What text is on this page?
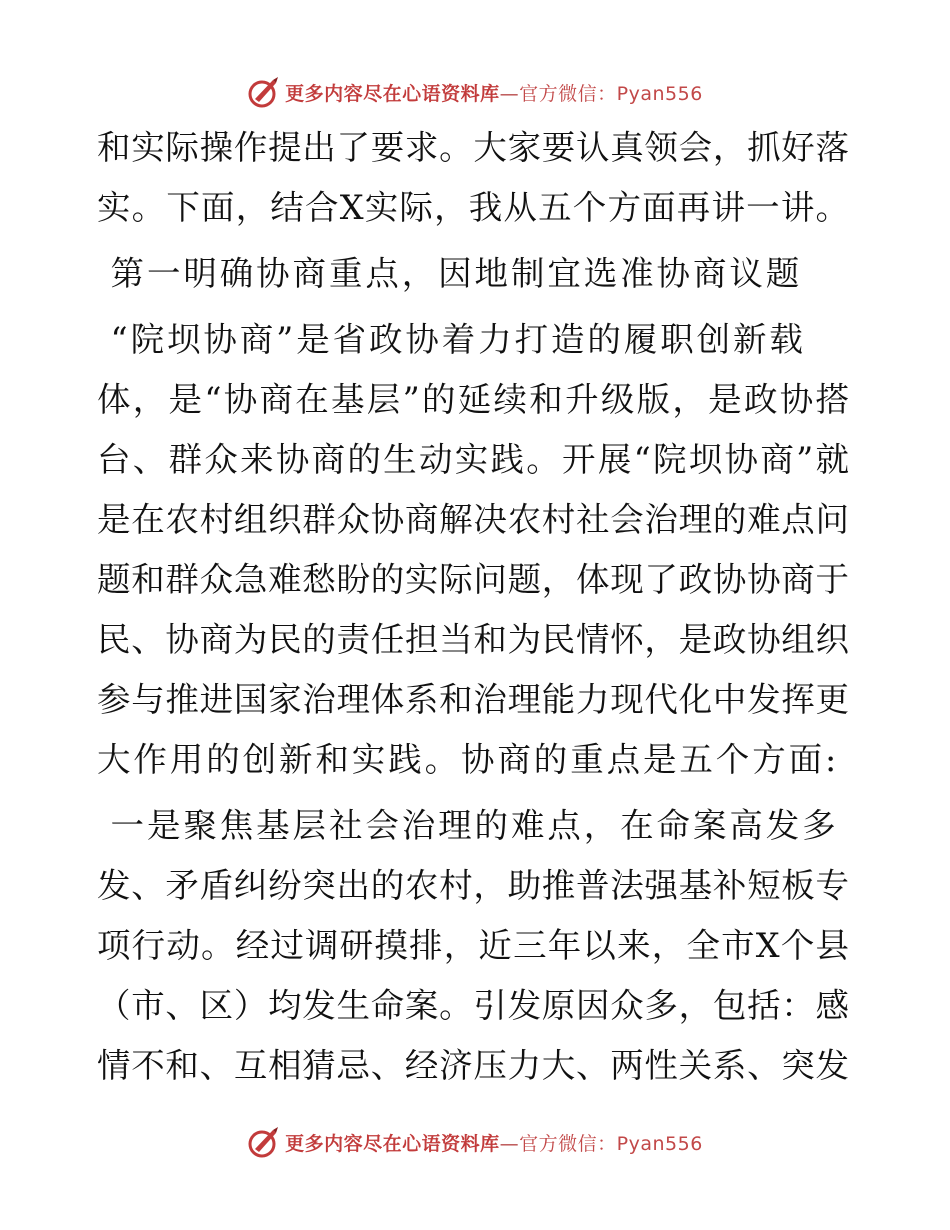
更多内容尽在心语资料库—官方微信：Pyan556
和实际操作提出了要求。大家要认真领会，抓好落
实。下面，结合X实际，我从五个方面再讲一讲。
第一明确协商重点，因地制宜选准协商议题
“院坝协商”是省政协着力打造的履职创新载
体，是“协商在基层”的延续和升级版，是政协搭
台、群众来协商的生动实践。开展“院坝协商”就
是在农村组织群众协商解决农村社会治理的难点问
题和群众急难愁盼的实际问题，体现了政协协商于
民、协商为民的责任担当和为民情怀，是政协组织
参与推进国家治理体系和治理能力现代化中发挥更
大作用的创新和实践。协商的重点是五个方面:
一是聚焦基层社会治理的难点，在命案高发多
发、矛盾纠纷突出的农村，助推普法强基补短板专
项行动。经过调研摸排，近三年以来，全市X个县
（市、区）均发生命案。引发原因众多，包括：感
情不和、互相猜忌、经济压力大、两性关系、突发
更多内容尽在心语资料库—官方微信：Pyan556
